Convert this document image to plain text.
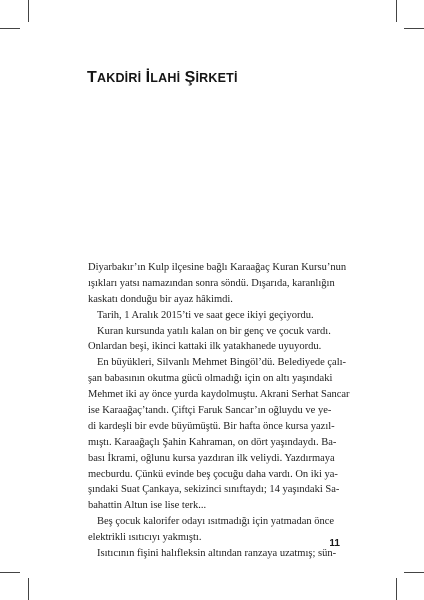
TAKDİRİ İLAHİ ŞİRKETİ
Diyarbakır’ın Kulp ilçesine bağlı Karaağaç Kuran Kursu’nun
ışıkları yatsı namazından sonra söndü. Dışarıda, karanlığın
kaskatı donduğu bir ayaz hâkimdi.
Tarih, 1 Aralık 2015’ti ve saat gece ikiyi geçiyordu.
Kuran kursunda yatılı kalan on bir genç ve çocuk vardı.
Onlardan beşi, ikinci kattaki ilk yatakhanede uyuyordu.
En büyükleri, Silvanlı Mehmet Bingöl’dü. Belediyede çalı-
şan babasının okutma gücü olmadığı için on altı yaşındaki
Mehmet iki ay önce yurda kaydolmuştu. Akrani Serhat Sancar
ise Karaağaç’tandı. Çiftçi Faruk Sancar’ın oğluydu ve ye-
di kardeşli bir evde büyümüştü. Bir hafta önce kursa yazıl-
mıştı. Karaağaçlı Şahin Kahraman, on dört yaşındaydı. Ba-
bası İkrami, oğlunu kursa yazdıran ilk veliydi. Yazdırmaya
mecburdu. Çünkü evinde beş çocuğu daha vardı. On iki ya-
şındaki Suat Çankaya, sekizinci sınıftaydı; 14 yaşındaki Sa-
bahattin Altun ise lise terk...
Beş çocuk kalorifer odayı ısıtmadığı için yatmadan önce
elektrikli ısıtıcıyı yakmıştı.
Isıtıcının fişini halıfleksin altından ranzaya uzatmış; sün-
11
